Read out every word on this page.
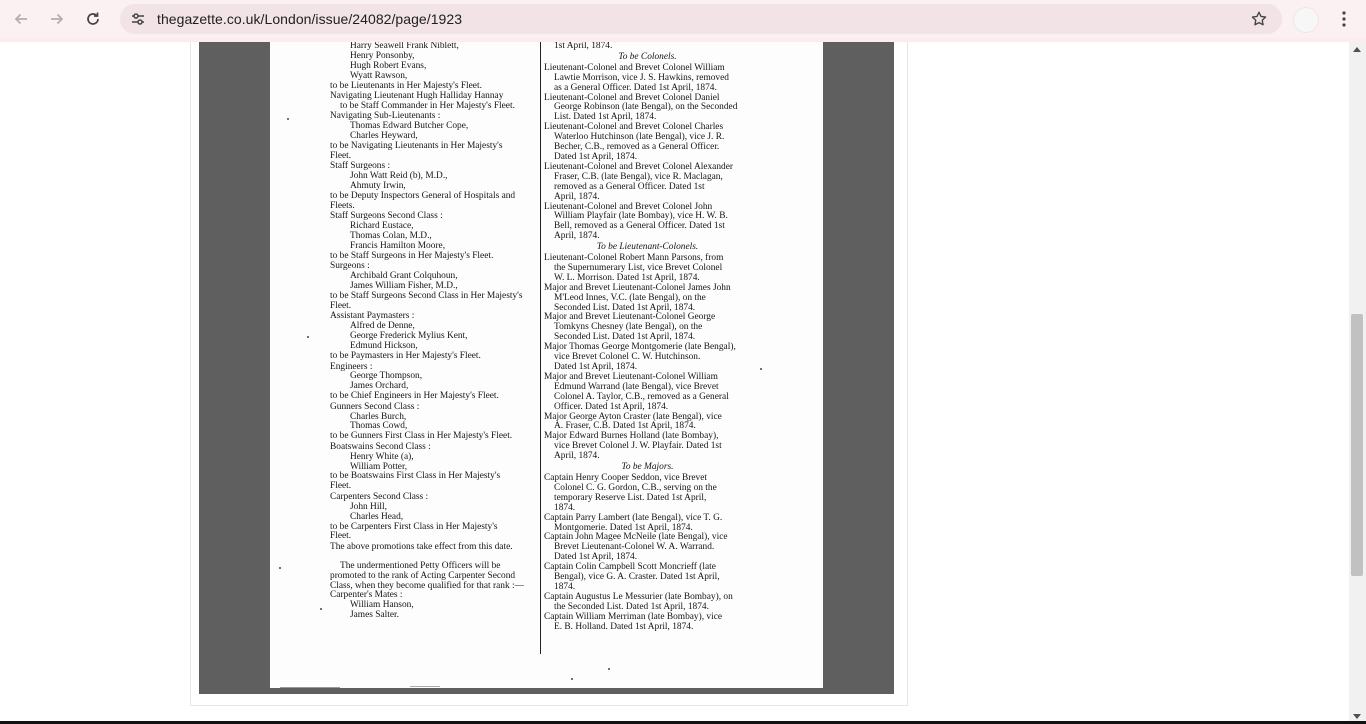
thegazette.co.uk/London/issue/24082/page/1923
Harry Seawell Frank Niblett,
Henry Ponsonby,
Hugh Robert Evans,
Wyatt Rawson,
to be Lieutenants in Her Majesty's Fleet.
Navigating Lieutenant Hugh Halliday Hannay
to be Staff Commander in Her Majesty's Fleet.
Navigating Sub-Lieutenants :
Thomas Edward Butcher Cope,
Charles Heyward,
to be Navigating Lieutenants in Her Majesty's
Fleet.
Staff Surgeons :
John Watt Reid (b), M.D.,
Ahmuty Irwin,
to be Deputy Inspectors General of Hospitals and
Fleets.
Staff Surgeons Second Class :
Richard Eustace,
Thomas Colan, M.D.,
Francis Hamilton Moore,
to be Staff Surgeons in Her Majesty's Fleet.
Surgeons :
Archibald Grant Colquhoun,
James William Fisher, M.D.,
to be Staff Surgeons Second Class in Her Majesty's
Fleet.
Assistant Paymasters :
Alfred de Denne,
George Frederick Mylius Kent,
Edmund Hickson,
to be Paymasters in Her Majesty's Fleet.
Engineers :
George Thompson,
James Orchard,
to be Chief Engineers in Her Majesty's Fleet.
Gunners Second Class :
Charles Burch,
Thomas Cowd,
to be Gunners First Class in Her Majesty's Fleet.
Boatswains Second Class :
Henry White (a),
William Potter,
to be Boatswains First Class in Her Majesty's
Fleet.
Carpenters Second Class :
John Hill,
Charles Head,
to be Carpenters First Class in Her Majesty's
Fleet.
The above promotions take effect from this date.
The undermentioned Petty Officers will be
promoted to the rank of Acting Carpenter Second
Class, when they become qualified for that rank :—
Carpenter's Mates :
William Hanson,
James Salter.
1st April, 1874.
To be Colonels.
Lieutenant-Colonel and Brevet Colonel William
Lawtie Morrison, vice J. S. Hawkins, removed
as a General Officer. Dated 1st April, 1874.
Lieutenant-Colonel and Brevet Colonel Daniel
George Robinson (late Bengal), on the Seconded
List. Dated 1st April, 1874.
Lieutenant-Colonel and Brevet Colonel Charles
Waterloo Hutchinson (late Bengal), vice J. R.
Becher, C.B., removed as a General Officer.
Dated 1st April, 1874.
Lieutenant-Colonel and Brevet Colonel Alexander
Fraser, C.B. (late Bengal), vice R. Maclagan,
removed as a General Officer. Dated 1st
April, 1874.
Lieutenant-Colonel and Brevet Colonel John
William Playfair (late Bombay), vice H. W. B.
Bell, removed as a General Officer. Dated 1st
April, 1874.
To be Lieutenant-Colonels.
Lieutenant-Colonel Robert Mann Parsons, from
the Supernumerary List, vice Brevet Colonel
W. L. Morrison. Dated 1st April, 1874.
Major and Brevet Lieutenant-Colonel James John
M'Leod Innes, V.C. (late Bengal), on the
Seconded List. Dated 1st April, 1874.
Major and Brevet Lieutenant-Colonel George
Tomkyns Chesney (late Bengal), on the
Seconded List. Dated 1st April, 1874.
Major Thomas George Montgomerie (late Bengal),
vice Brevet Colonel C. W. Hutchinson.
Dated 1st April, 1874.
Major and Brevet Lieutenant-Colonel William
Edmund Warrand (late Bengal), vice Brevet
Colonel A. Taylor, C.B., removed as a General
Officer. Dated 1st April, 1874.
Major George Ayton Craster (late Bengal), vice
A. Fraser, C.B. Dated 1st April, 1874.
Major Edward Burnes Holland (late Bombay),
vice Brevet Colonel J. W. Playfair. Dated 1st
April, 1874.
To be Majors.
Captain Henry Cooper Seddon, vice Brevet
Colonel C. G. Gordon, C.B., serving on the
temporary Reserve List. Dated 1st April,
1874.
Captain Parry Lambert (late Bengal), vice T. G.
Montgomerie. Dated 1st April, 1874.
Captain John Magee McNeile (late Bengal), vice
Brevet Lieutenant-Colonel W. A. Warrand.
Dated 1st April, 1874.
Captain Colin Campbell Scott Moncrieff (late
Bengal), vice G. A. Craster. Dated 1st April,
1874.
Captain Augustus Le Messurier (late Bombay), on
the Seconded List. Dated 1st April, 1874.
Captain William Merriman (late Bombay), vice
E. B. Holland. Dated 1st April, 1874.
